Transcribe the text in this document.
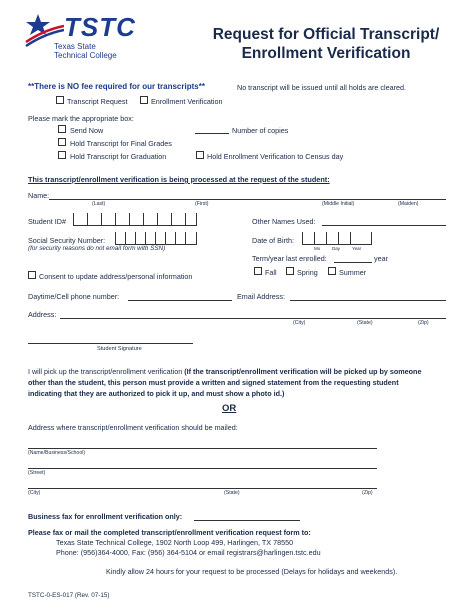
TSTC
Texas State
Technical College
Request for Official Transcript/
Enrollment Verification
**There is NO fee required for our transcripts**	No transcript will be issued until all holds are cleared.
Transcript Request	Enrollment Verification
Please mark the appropriate box:
Send Now	Number of copies
Hold Transcript for Final Grades
Hold Transcript for Graduation	Hold Enrollment Verification to Census day
This transcript/enrollment verification is being processed at the request of the student:
Name:
(Last)	(First)	(Middle Initial)	(Maiden)
Student ID#	Other Names Used:
Social Security Number:
(for security reasons do not email form with SSN)
Date of Birth:
Mo	Day	Year
Term/year last enrolled:	year
Consent to update address/personal information	Fall	Spring	Summer
Daytime/Cell phone number:	Email Address:
Address:
(City)	(State)	(Zip)
Student Signature
I will pick up the transcript/enrollment verification (If the transcript/enrollment verification will be picked up by someone
other than the student, this person must provide a written and signed statement from the requesting student
indicating that they are authorized to pick it up, and must show a photo id.)
OR
Address where transcript/enrollment verification should be mailed:
(Name/Business/School)
(Street)
(City)	(State)	(Zip)
Business fax for enrollment verification only:
Please fax or mail the completed transcript/enrollment verification request form to:
Texas State Technical College, 1902 North Loop 499, Harlingen, TX 78550
Phone: (956)364-4000, Fax: (956) 364-5104 or email registrars@harlingen.tstc.edu
Kindly allow 24 hours for your request to be processed (Delays for holidays and weekends).
TSTC-0-ES-017 (Rev. 07-15)
